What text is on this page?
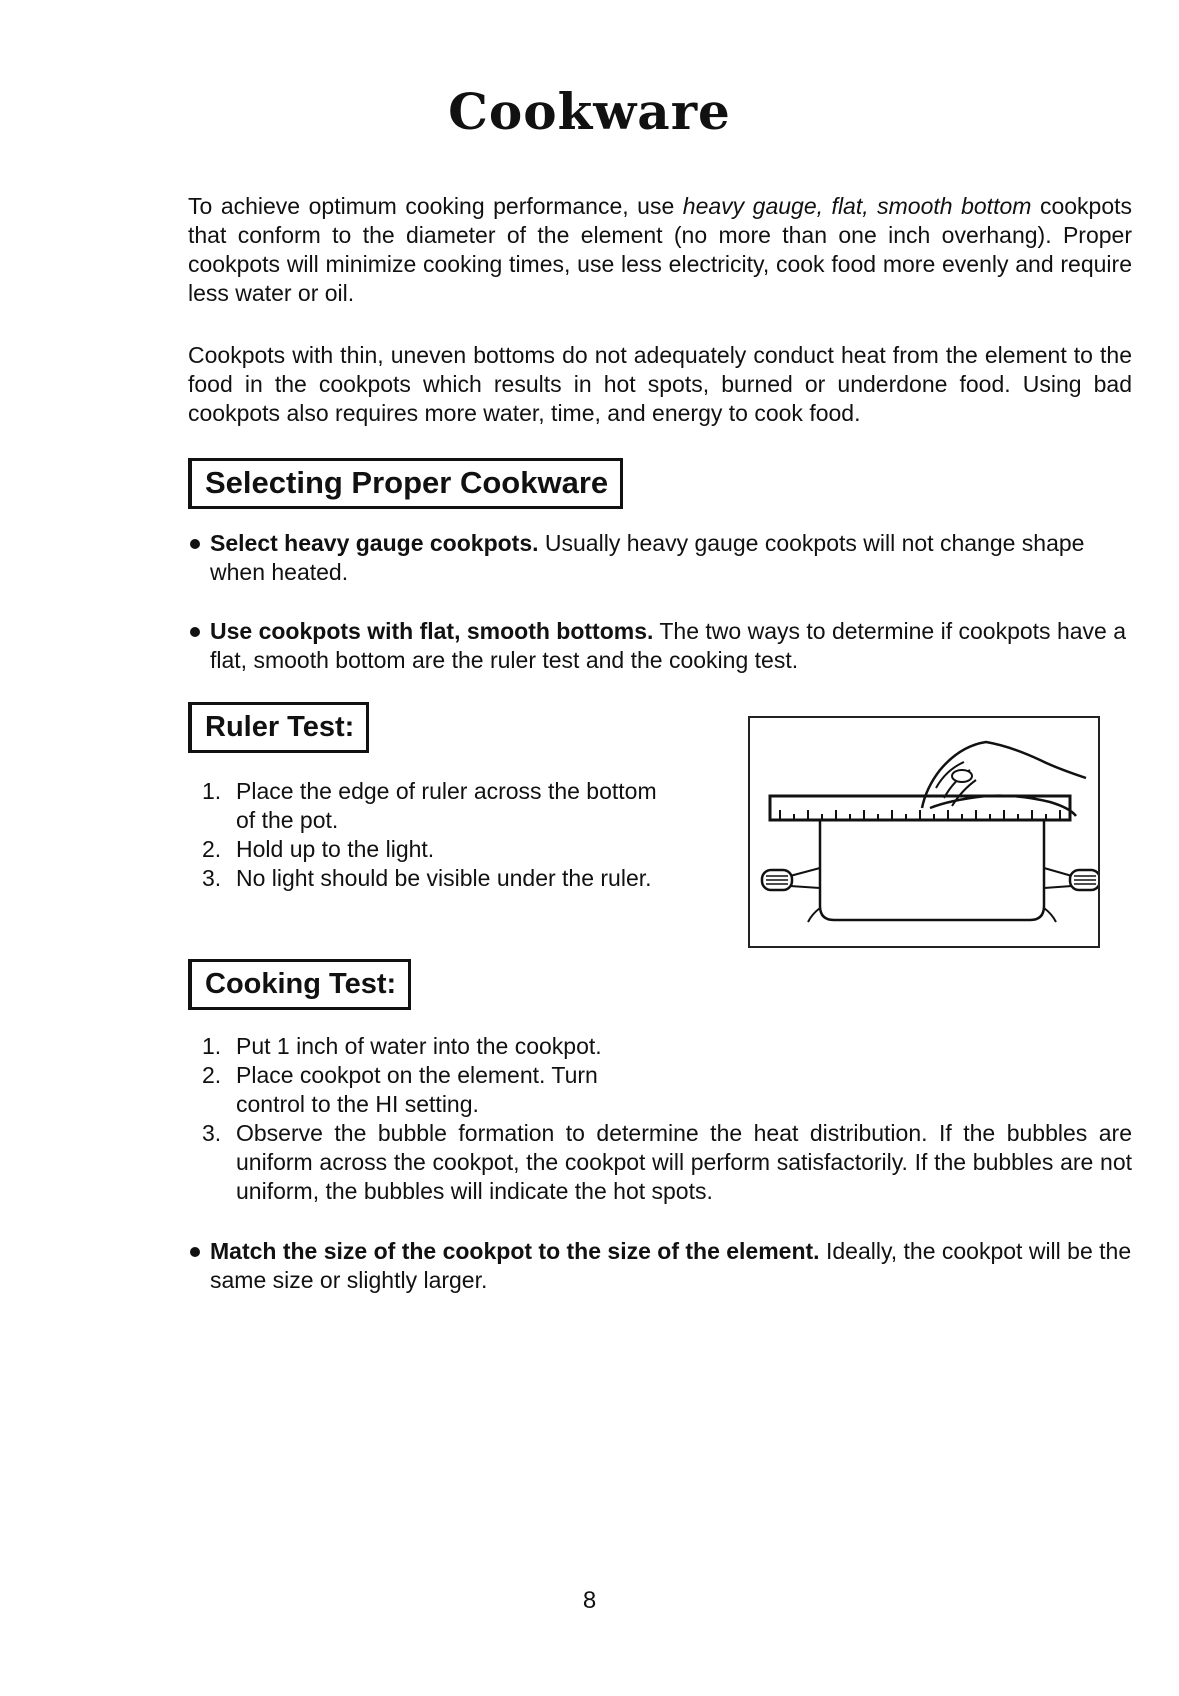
Cookware

To achieve optimum cooking performance, use heavy gauge, flat, smooth bottom cookpots that conform to the diameter of the element (no more than one inch overhang). Proper cookpots will minimize cooking times, use less electricity, cook food more evenly and require less water or oil.

Cookpots with thin, uneven bottoms do not adequately conduct heat from the element to the food in the cookpots which results in hot spots, burned or underdone food. Using bad cookpots also requires more water, time, and energy to cook food.

Selecting Proper Cookware
Select heavy gauge cookpots. Usually heavy gauge cookpots will not change shape when heated.
Use cookpots with flat, smooth bottoms. The two ways to determine if cookpots have a flat, smooth bottom are the ruler test and the cooking test.
Ruler Test:
1. Place the edge of ruler across the bottom of the pot.
2. Hold up to the light.
3. No light should be visible under the ruler.
Cooking Test:
1. Put 1 inch of water into the cookpot.
2. Place cookpot on the element. Turn control to the HI setting.
3. Observe the bubble formation to determine the heat distribution. If the bubbles are uniform across the cookpot, the cookpot will perform satisfactorily. If the bubbles are not uniform, the bubbles will indicate the hot spots.
Match the size of the cookpot to the size of the element. Ideally, the cookpot will be the same size or slightly larger.
8
